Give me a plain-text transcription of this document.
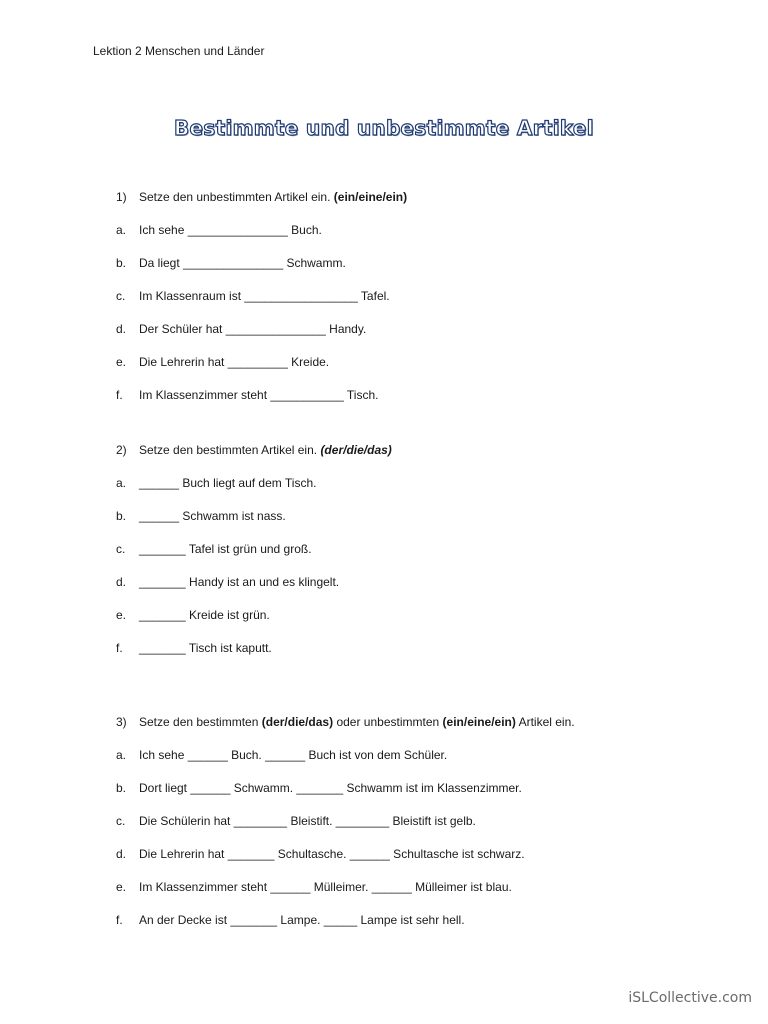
Lektion 2 Menschen und Länder
Bestimmte und unbestimmte Artikel
1) Setze den unbestimmten Artikel ein. (ein/eine/ein)
a. Ich sehe _______________ Buch.
b. Da liegt _______________ Schwamm.
c. Im Klassenraum ist _________________ Tafel.
d. Der Schüler hat _______________ Handy.
e. Die Lehrerin hat _________ Kreide.
f. Im Klassenzimmer steht ___________ Tisch.
2) Setze den bestimmten Artikel ein. (der/die/das)
a. ______ Buch liegt auf dem Tisch.
b. ______ Schwamm ist nass.
c. _______ Tafel ist grün und groß.
d. _______ Handy ist an und es klingelt.
e. _______ Kreide ist grün.
f. _______ Tisch ist kaputt.
3) Setze den bestimmten (der/die/das) oder unbestimmten (ein/eine/ein) Artikel ein.
a. Ich sehe ______ Buch. ______ Buch ist von dem Schüler.
b. Dort liegt ______ Schwamm. _______ Schwamm ist im Klassenzimmer.
c. Die Schülerin hat ________ Bleistift. ________ Bleistift ist gelb.
d. Die Lehrerin hat _______ Schultasche. ______ Schultasche ist schwarz.
e. Im Klassenzimmer steht ______ Mülleimer. ______ Mülleimer ist blau.
f. An der Decke ist _______ Lampe. _____ Lampe ist sehr hell.
iSLCollective.com
